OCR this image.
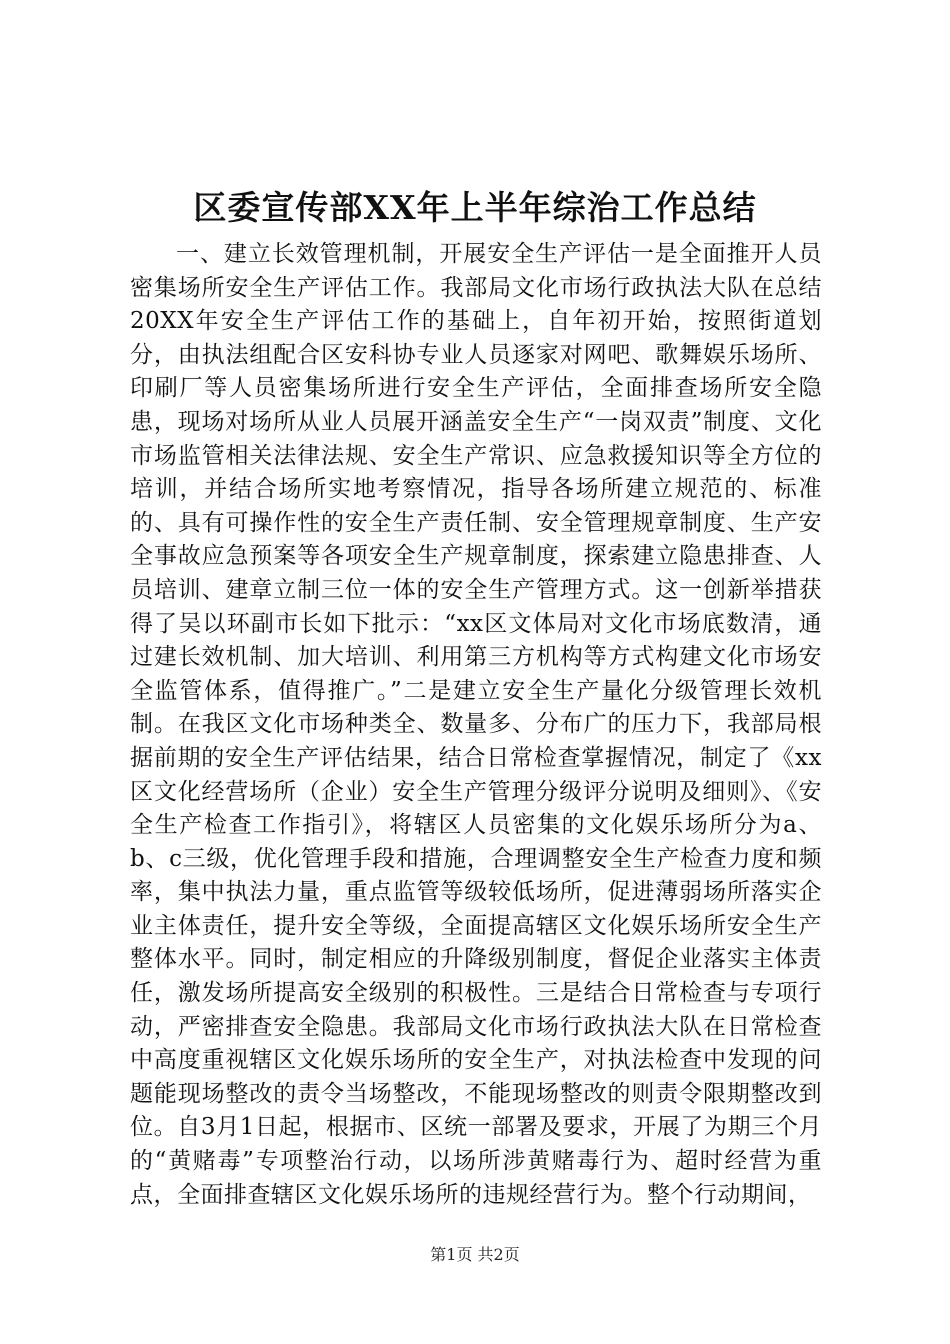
区委宣传部XX年上半年综治工作总结

一、建立长效管理机制，开展安全生产评估一是全面推开人员密集场所安全生产评估工作。我部局文化市场行政执法大队在总结20XX年安全生产评估工作的基础上，自年初开始，按照街道划分，由执法组配合区安科协专业人员逐家对网吧、歌舞娱乐场所、印刷厂等人员密集场所进行安全生产评估，全面排查场所安全隐患，现场对场所从业人员展开涵盖安全生产“一岗双责”制度、文化市场监管相关法律法规、安全生产常识、应急救援知识等全方位的培训，并结合场所实地考察情况，指导各场所建立规范的、标准的、具有可操作性的安全生产责任制、安全管理规章制度、生产安全事故应急预案等各项安全生产规章制度，探索建立隐患排查、人员培训、建章立制三位一体的安全生产管理方式。这一创新举措获得了吴以环副市长如下批示：“xx区文体局对文化市场底数清，通过建长效机制、加大培训、利用第三方机构等方式构建文化市场安全监管体系，值得推广。”二是建立安全生产量化分级管理长效机制。在我区文化市场种类全、数量多、分布广的压力下，我部局根据前期的安全生产评估结果，结合日常检查掌握情况，制定了《xx区文化经营场所（企业）安全生产管理分级评分说明及细则》、《安全生产检查工作指引》，将辖区人员密集的文化娱乐场所分为a、b、c三级，优化管理手段和措施，合理调整安全生产检查力度和频率，集中执法力量，重点监管等级较低场所，促进薄弱场所落实企业主体责任，提升安全等级，全面提高辖区文化娱乐场所安全生产整体水平。同时，制定相应的升降级别制度，督促企业落实主体责任，激发场所提高安全级别的积极性。三是结合日常检查与专项行动，严密排查安全隐患。我部局文化市场行政执法大队在日常检查中高度重视辖区文化娱乐场所的安全生产，对执法检查中发现的问题能现场整改的责令当场整改，不能现场整改的则责令限期整改到位。自3月1日起，根据市、区统一部署及要求，开展了为期三个月的“黄赌毒”专项整治行动，以场所涉黄赌毒行为、超时经营为重点，全面排查辖区文化娱乐场所的违规经营行为。整个行动期间，

第1页 共2页
